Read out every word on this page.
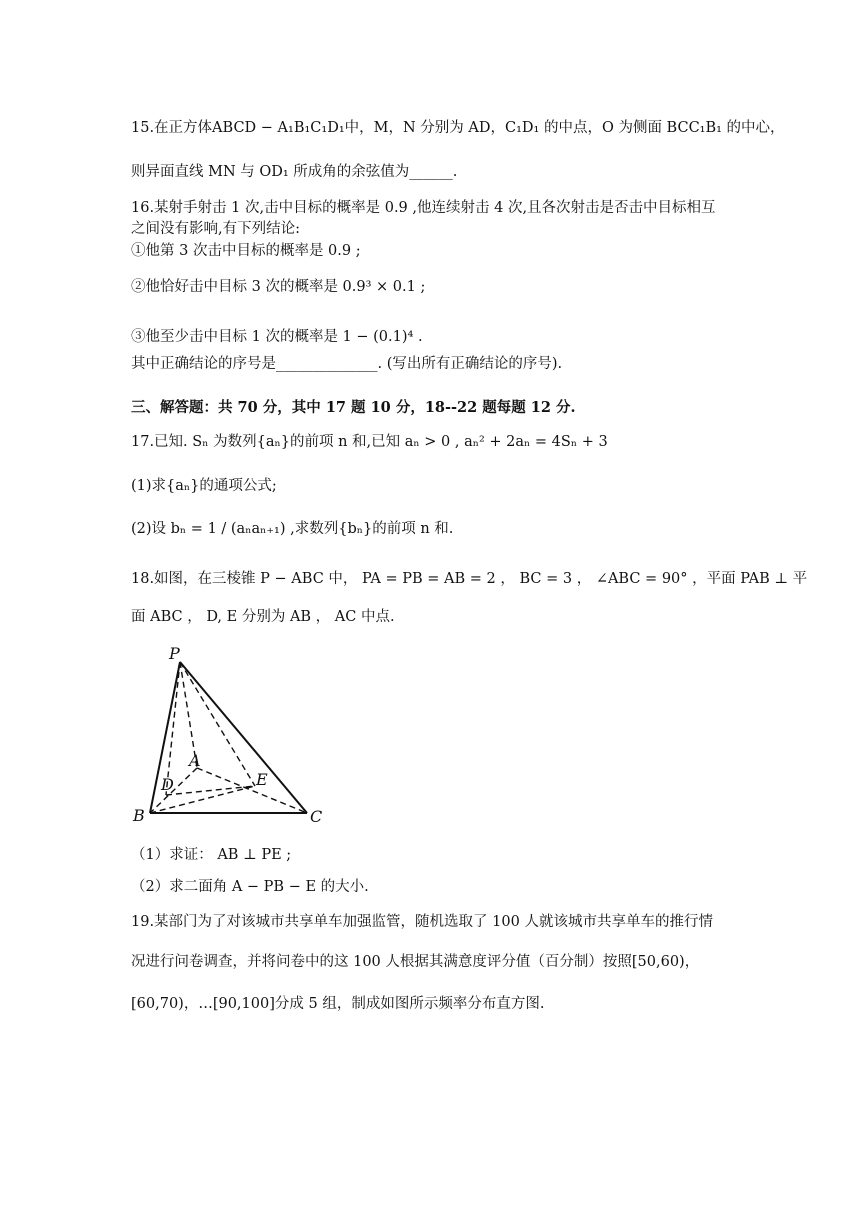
15.在正方体ABCD − A₁B₁C₁D₁中，M，N 分别为 AD，C₁D₁ 的中点，O 为侧面 BCC₁B₁ 的中心，
则异面直线 MN 与 OD₁ 所成角的余弦值为______.
16.某射手射击 1 次,击中目标的概率是 0.9 ,他连续射击 4 次,且各次射击是否击中目标相互
之间没有影响,有下列结论:
①他第 3 次击中目标的概率是 0.9 ;
②他恰好击中目标 3 次的概率是 0.9³ × 0.1 ;
③他至少击中目标 1 次的概率是 1 − (0.1)⁴ .
其中正确结论的序号是______________. (写出所有正确结论的序号).
三、解答题：共 70 分，其中 17 题 10 分，18--22 题每题 12 分.
17.已知. Sₙ 为数列{aₙ}的前项 n 和,已知 aₙ > 0 , aₙ² + 2aₙ = 4Sₙ + 3
(1)求{aₙ}的通项公式;
(2)设 bₙ = 1 / (aₙaₙ₊₁) ,求数列{bₙ}的前项 n 和.
18.如图，在三棱锥 P − ABC 中， PA = PB = AB = 2 ， BC = 3 ， ∠ABC = 90° ，平面 PAB ⊥ 平
面 ABC ， D, E 分别为 AB ， AC 中点.
P
A
D	E
B	C
（1）求证： AB ⊥ PE ;
（2）求二面角 A − PB − E 的大小.
19.某部门为了对该城市共享单车加强监管，随机选取了 100 人就该城市共享单车的推行情
况进行问卷调查，并将问卷中的这 100 人根据其满意度评分值（百分制）按照[50,60)，
[60,70)，…[90,100]分成 5 组，制成如图所示频率分布直方图.
